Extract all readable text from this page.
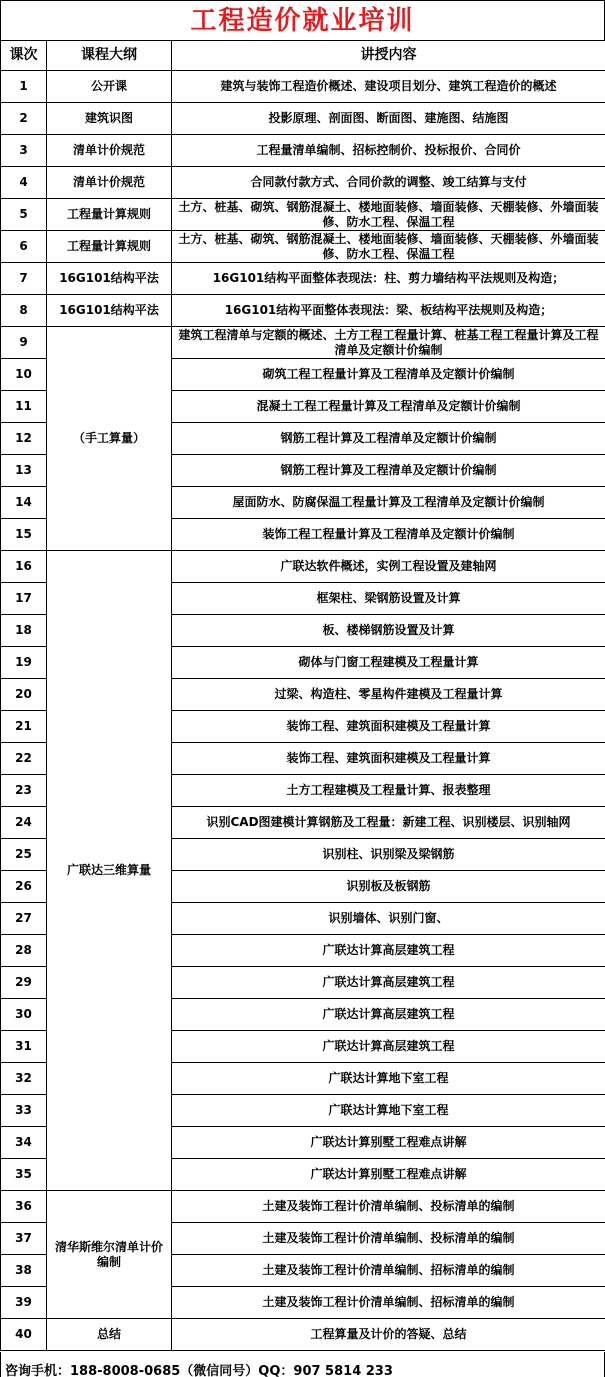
工程造价就业培训
课次	课程大纲	讲授内容
1	公开课	建筑与装饰工程造价概述、建设项目划分、建筑工程造价的概述
2	建筑识图	投影原理、剖面图、断面图、建施图、结施图
3	清单计价规范	工程量清单编制、招标控制价、投标报价、合同价
4	清单计价规范	合同款付款方式、合同价款的调整、竣工结算与支付
5	工程量计算规则	土方、桩基、砌筑、钢筋混凝土、楼地面装修、墙面装修、天棚装修、外墙面装修、防水工程、保温工程
6	工程量计算规则	土方、桩基、砌筑、钢筋混凝土、楼地面装修、墙面装修、天棚装修、外墙面装修、防水工程、保温工程
7	16G101结构平法	16G101结构平面整体表现法：柱、剪力墙结构平法规则及构造；
8	16G101结构平法	16G101结构平面整体表现法：梁、板结构平法规则及构造；
9	（手工算量）	建筑工程清单与定额的概述、土方工程工程量计算、桩基工程工程量计算及工程清单及定额计价编制
10		砌筑工程工程量计算及工程清单及定额计价编制
11		混凝土工程工程量计算及工程清单及定额计价编制
12		钢筋工程计算及工程清单及定额计价编制
13		钢筋工程计算及工程清单及定额计价编制
14		屋面防水、防腐保温工程量计算及工程清单及定额计价编制
15		装饰工程工程量计算及工程清单及定额计价编制
16	广联达三维算量	广联达软件概述，实例工程设置及建轴网
17		框架柱、梁钢筋设置及计算
18		板、楼梯钢筋设置及计算
19		砌体与门窗工程建模及工程量计算
20		过梁、构造柱、零星构件建模及工程量计算
21		装饰工程、建筑面积建模及工程量计算
22		装饰工程、建筑面积建模及工程量计算
23		土方工程建模及工程量计算、报表整理
24		识别CAD图建模计算钢筋及工程量：新建工程、识别楼层、识别轴网
25		识别柱、识别梁及梁钢筋
26		识别板及板钢筋
27		识别墙体、识别门窗、
28		广联达计算高层建筑工程
29		广联达计算高层建筑工程
30		广联达计算高层建筑工程
31		广联达计算高层建筑工程
32		广联达计算地下室工程
33		广联达计算地下室工程
34		广联达计算别墅工程难点讲解
35		广联达计算别墅工程难点讲解
36	清华斯维尔清单计价编制	土建及装饰工程计价清单编制、投标清单的编制
37		土建及装饰工程计价清单编制、投标清单的编制
38		土建及装饰工程计价清单编制、招标清单的编制
39		土建及装饰工程计价清单编制、招标清单的编制
40	总结	工程算量及计价的答疑、总结
咨询手机：188-8008-0685（微信同号）QQ：907 5814 233
